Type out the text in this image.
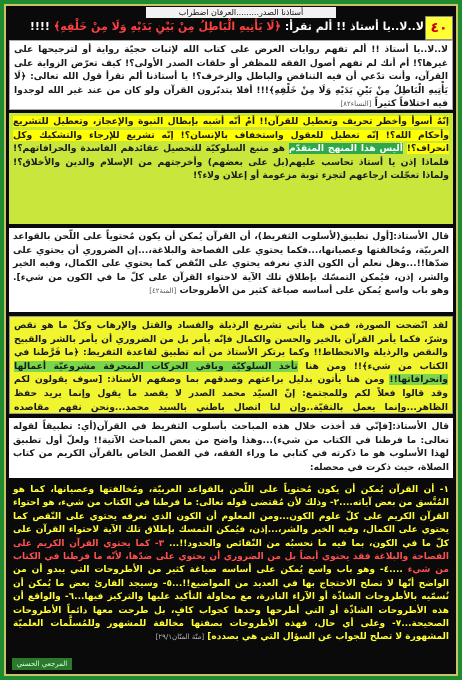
أستاذنا الصدر.........العرفان اضطراب
٤٠
لا..لا..يا أستاذ !! ألم تقرأ: ﴿لَا يَأْتِيهِ الْبَاطِلُ مِنْ بَيْنِ يَدَيْهِ وَلَا مِنْ خَلْفِهِ﴾ !!!!
لا..لا..يا أستاذ !! ألم تفهم روايات العرض على كتاب الله لإثبات حجيّة رواية أو لترجيحها على غيرها؟! أم أنك لم تفهم أصول الفقه للمظفر أو حلقات الصدر الأولى؟! كيف تعرّض الزواية على القرآن، وأنت تدّعي أن فيه التناقض والباطل والزخرف؟! يا أستاذنا ألم تقرأ قول الله تعالى: ﴿لَا يَأْتِيهِ الْبَاطِلُ مِنْ بَيْنِ يَدَيْهِ وَلَا مِنْ خَلْفِهِ﴾!!! أفلا يتدبّرون القرآن ولو كان من عند غير الله لوجدوا فيه اختلافاً كثيراً [النساء٨٢]
إنّهُ أسوأ وأخطر تحريف وتعطيل للقرآن!! أمْ أنّه أشبه بإبطال النبوة والإعجاز، وتعطيل للتشريع وأحكام الله؟! إنّه تعطيل للعقول واستخفاف بالإنسان؟! إنّه تشريع للإرجاء والتشكيك وكل انحراف؟! أليس هذا المنهج المتقدّم هو منبع السلوكيّة للتحصيل عقائدهم الفاسدة والحرافاتهم؟! فلماذا إذن يا أستاذ تحاسب عليهم(بل على بعضهم) وأخرجتهم من الإسلام والدين والأخلاق؟! ولماذا تعجّلت ارجاعهم لتجزء توبة مزعومة أو إعلان ولاء؟!
قال الأستاذ:[أول تطبيق(لأسلوب الثفريط)، أن القرآن يُمكن أن يكون مُحتوياً على اللّحن بالقواعد العربيّة، ومُخالفتها وعصيانها،...فكما يحتوي على الفصاحة والبلاغة،...إن الضروري أن يحتوي على ضدّها!!...وهل نعلم أن الكون الذي نعرفه يحتوي على النّقص كما يحتوي على الكمال، وفيه الخير والشر، إذن، فيُمكن التمسّك بإطلاق تلك الآية لاحتواء القرآن على كلّ ما في الكون من شيء]. وهو باب واسع يُمكن على أساسه صياغة كثير من الأطروحات [المنة٤٢]
لقد اتّضحت الصورة، فمن هنا يأتي تشريع الرذيلة والفساد والقتل والإرهاب وكلّ ما هو نقص وشرّ، فكما يأمر القرآن بالخير والحسن والكمال فإنّه يأمر بل من الضروري أن يأمر بالشر والقبيح والنقص والرذيلة والانحطاط!! وكما يرتكز الأستاذ من أنه تطبيق لقاعدة الثفريط: ﴿ما فَرَّطنا في الكتاب من شيء﴾!! ومن هنا تأخذ السلوكيّة وباقي الحركات المنحرفة مشروعيّة أعمالها وانحرافاتها!! ومن هنا يأتون بدليل براعتهم وصدقهم بما وصفهم الأستاذ: [سوف يقولون لكم وقد قالوا فعلاً لكم وللمجتمع: إنّ السيّد محمد الصدر لا يقصد ما يقول وإنما يريد حفظ الظاهر...وإنما يعمل بالتقيّة..وإن لنا اتصال باطني بالسيد محمد...ونحن نفهم مقاصده
قال الأستاذ:[فإنّي قد أخذت خلال هذه المباحث بأسلوب الثفريط في القرآن(أي: تطبيقاً لقوله تعالى: ما فرطنا في الكتاب من شيء)...وهذا واضح من بعض المباحث الآتية!! ولعلّ أول تطبيق لهذا الأسلوب هو ما ذكرته في كتابي ما وراء الفقه، في الفصل الخاص بالقرآن الكريم من كتاب الصلاة، حيث ذكرت في محصله:
١- أن القرآن يُمكن أن يكون مُحتوياً على اللّحن بالقواعد العربيّة، ومُخالفتها وعصيانها، كما هو المُتَّسق من بعض آياته....٢- وذلك لأن مُقتضى قوله تعالى: ما فرطنا في الكتاب من شيء، هو احتواء القرآن الكريم على كلّ علوم الكون...ومن المعلوم أن الكون الذي نعرفه يحتوي على النّقص كما يحتوي على الكمال، وفيه الخير والشر،...إذن، فيُمكن التمسك بإطلاق تلك الآية لاحتواء القرآن على كلّ ما في الكون، بما فيه ما نحسبُه من النّقائص والحدود!!... ٣- كما يحتوي القرآن الكريم على الفصاحة والبلاغة فقد يحتوي أيضاً بل من الضروري أن يحتوي على ضدّها، لأنّه ما فرطنا في الكتاب من شيء ....٤- وهو باب واسع يُمكن على أساسه صياغة كثير من الأطروحات التي يبدو أن من الواضح أنّها لا تصلح الاحتجاج بها في العديد من المواضيع!!...٥- وسيجد القارئ بعض ما يُمكن أن نُسمّيه بالأطروحات الشاذّة أو الآراء النادرة، مع محاولة التأكيد عليها والتركيز فيها...٦- والواقع أن هذه الأطروحات الشاذّة أو التي أطرحها وحدها كجواب كافٍ، بل طرحت معها دائماً الأطروحات الصحيحة...٧- وعلى أي حال، فهذه الأطروحات بصفتها مخالفة للمشهور وللمُسلَّمات العلميّة المشهورة لا تصلح للجواب عن السؤال التي هي بصدده] [منّة المنّان٢٩/١]
المرجعي الحسني
